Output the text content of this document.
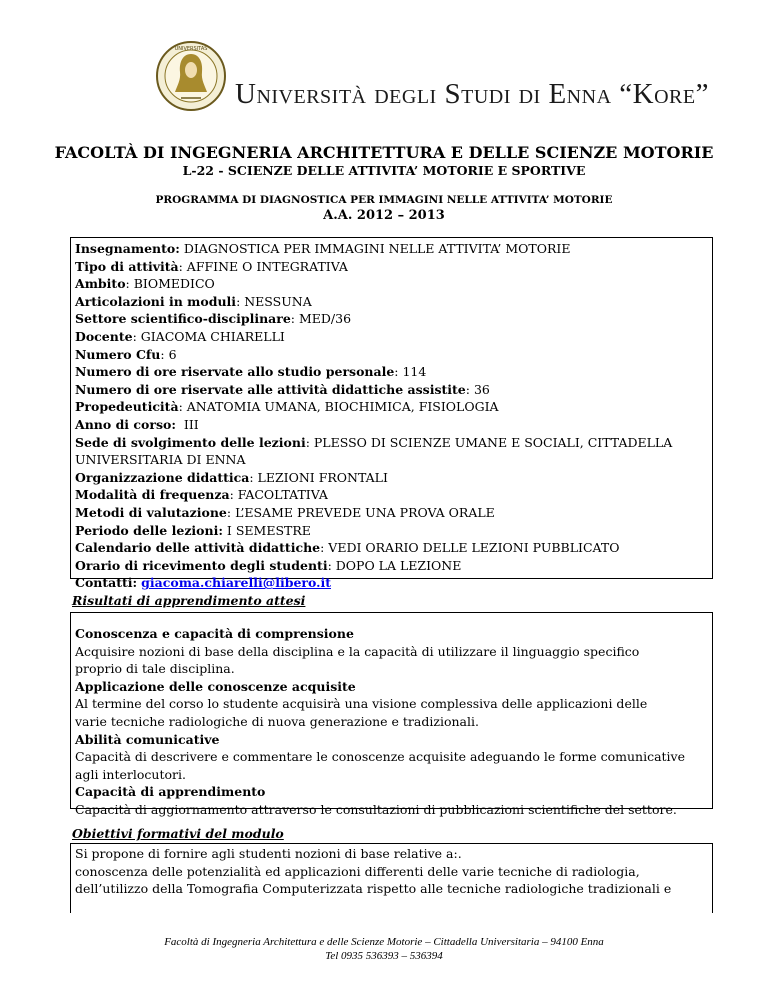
UNIVERSITAS
Università degli Studi di Enna “Kore”
FACOLTÀ DI INGEGNERIA ARCHITETTURA E DELLE SCIENZE MOTORIE
L-22 - SCIENZE DELLE ATTIVITA’ MOTORIE E SPORTIVE
PROGRAMMA DI DIAGNOSTICA PER IMMAGINI NELLE ATTIVITA’ MOTORIE
A.A. 2012 – 2013
Insegnamento: DIAGNOSTICA PER IMMAGINI NELLE ATTIVITA’ MOTORIE
Tipo di attività: AFFINE O INTEGRATIVA
Ambito: BIOMEDICO
Articolazioni in moduli: NESSUNA
Settore scientifico-disciplinare: MED/36
Docente: GIACOMA CHIARELLI
Numero Cfu: 6
Numero di ore riservate allo studio personale: 114
Numero di ore riservate alle attività didattiche assistite: 36
Propedeuticità: ANATOMIA UMANA, BIOCHIMICA, FISIOLOGIA
Anno di corso:  III
Sede di svolgimento delle lezioni: PLESSO DI SCIENZE UMANE E SOCIALI, CITTADELLA
UNIVERSITARIA DI ENNA
Organizzazione didattica: LEZIONI FRONTALI
Modalità di frequenza: FACOLTATIVA
Metodi di valutazione: L’ESAME PREVEDE UNA PROVA ORALE
Periodo delle lezioni: I SEMESTRE
Calendario delle attività didattiche: VEDI ORARIO DELLE LEZIONI PUBBLICATO
Orario di ricevimento degli studenti: DOPO LA LEZIONE
Contatti: giacoma.chiarelli@libero.it
Risultati di apprendimento attesi
Conoscenza e capacità di comprensione
Acquisire nozioni di base della disciplina e la capacità di utilizzare il linguaggio specifico
proprio di tale disciplina.
Applicazione delle conoscenze acquisite
Al termine del corso lo studente acquisirà una visione complessiva delle applicazioni delle
varie tecniche radiologiche di nuova generazione e tradizionali.
Abilità comunicative
Capacità di descrivere e commentare le conoscenze acquisite adeguando le forme comunicative
agli interlocutori.
Capacità di apprendimento
Capacità di aggiornamento attraverso le consultazioni di pubblicazioni scientifiche del settore.
Obiettivi formativi del modulo
Si propone di fornire agli studenti nozioni di base relative a:.
conoscenza delle potenzialità ed applicazioni differenti delle varie tecniche di radiologia,
dell’utilizzo della Tomografia Computerizzata rispetto alle tecniche radiologiche tradizionali e
Facoltà di Ingegneria Architettura e delle Scienze Motorie – Cittadella Universitaria – 94100 Enna
Tel 0935 536393 – 536394
